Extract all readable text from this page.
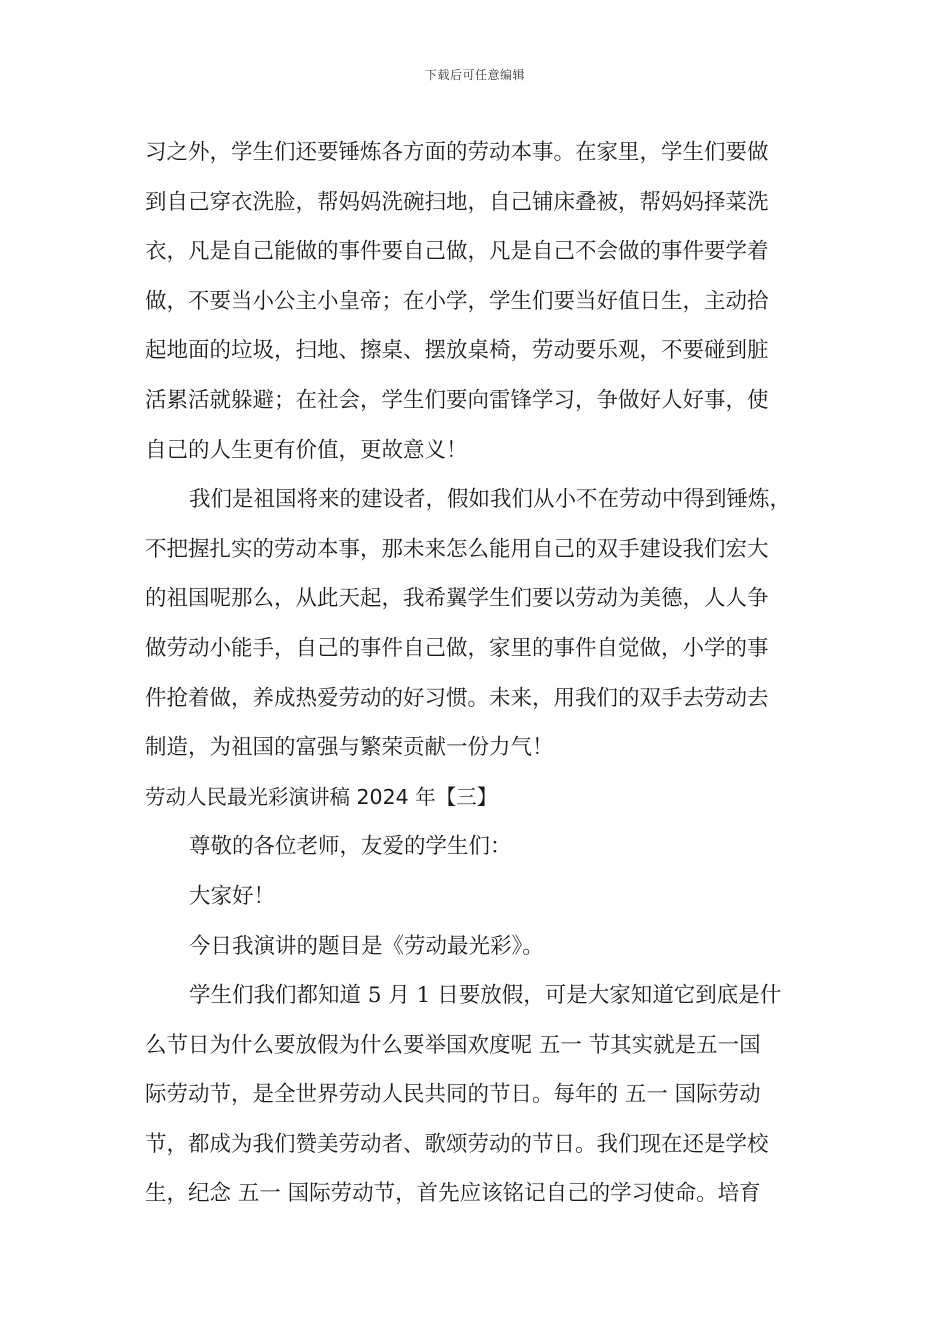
下载后可任意编辑
习之外，学生们还要锤炼各方面的劳动本事。在家里，学生们要做
到自己穿衣洗脸，帮妈妈洗碗扫地，自己铺床叠被，帮妈妈择菜洗
衣，凡是自己能做的事件要自己做，凡是自己不会做的事件要学着
做，不要当小公主小皇帝；在小学，学生们要当好值日生，主动拾
起地面的垃圾，扫地、擦桌、摆放桌椅，劳动要乐观，不要碰到脏
活累活就躲避；在社会，学生们要向雷锋学习，争做好人好事，使
自己的人生更有价值，更故意义！
我们是祖国将来的建设者，假如我们从小不在劳动中得到锤炼，
不把握扎实的劳动本事，那未来怎么能用自己的双手建设我们宏大
的祖国呢那么，从此天起，我希翼学生们要以劳动为美德，人人争
做劳动小能手，自己的事件自己做，家里的事件自觉做，小学的事
件抢着做，养成热爱劳动的好习惯。未来，用我们的双手去劳动去
制造，为祖国的富强与繁荣贡献一份力气！
劳动人民最光彩演讲稿 2024 年【三】
尊敬的各位老师，友爱的学生们：
大家好！
今日我演讲的题目是《劳动最光彩》。
学生们我们都知道 5 月 1 日要放假，可是大家知道它到底是什
么节日为什么要放假为什么要举国欢度呢 五一 节其实就是五一国
际劳动节，是全世界劳动人民共同的节日。每年的 五一 国际劳动
节，都成为我们赞美劳动者、歌颂劳动的节日。我们现在还是学校
生，纪念 五一 国际劳动节，首先应该铭记自己的学习使命。培育
